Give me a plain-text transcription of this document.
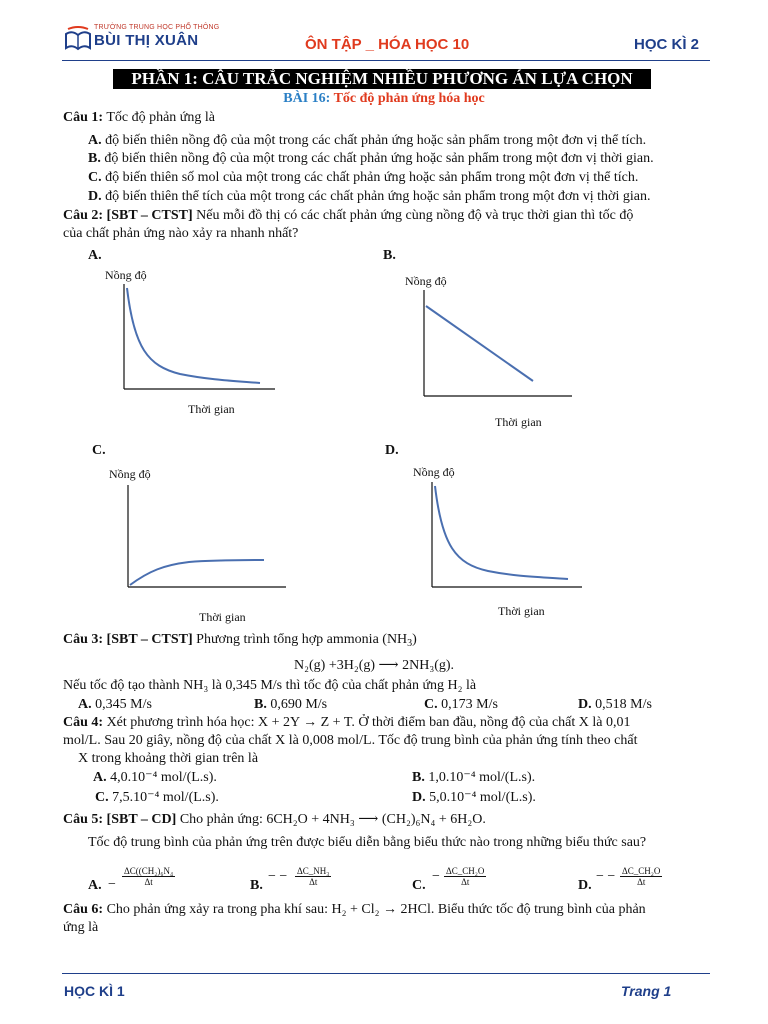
TRƯỜNG TRUNG HỌC PHỔ THÔNG
BÙI THỊ XUÂN	ÔN TẬP _ HÓA HỌC 10	HỌC KÌ 2
PHẦN 1: CÂU TRẮC NGHIỆM NHIỀU PHƯƠNG ÁN LỰA CHỌN
BÀI 16: Tốc độ phản ứng hóa học
Câu 1: Tốc độ phản ứng là
A. độ biến thiên nồng độ của một trong các chất phản ứng hoặc sản phẩm trong một đơn vị thể tích.
B. độ biến thiên nồng độ của một trong các chất phản ứng hoặc sản phẩm trong một đơn vị thời gian.
C. độ biến thiên số mol của một trong các chất phản ứng hoặc sản phẩm trong một đơn vị thể tích.
D. độ biến thiên thể tích của một trong các chất phản ứng hoặc sản phẩm trong một đơn vị thời gian.
Câu 2: [SBT – CTST] Nếu mỗi đồ thị có các chất phản ứng cùng nồng độ và trục thời gian thì tốc độ
của chất phản ứng nào xảy ra nhanh nhất?
A.
Nồng độ
Thời gian
B.
Nồng độ
Thời gian
C.
Nồng độ
Thời gian
D.
Nồng độ
Thời gian
Câu 3: [SBT – CTST] Phương trình tổng hợp ammonia $(NH_3)$
N₂(g) +3H₂(g) ⟶ 2NH₃(g).
Nếu tốc độ tạo thành NH₃ là 0,345 M/s thì tốc độ của chất phản ứng H₂ là
A. 0,345 M/s	B. 0,690 M/s	C. 0,173 M/s	D. 0,518 M/s
Câu 4: Xét phương trình hóa học: X + 2Y → Z + T. Ở thời điểm ban đầu, nồng độ của chất X là 0,01
mol/L. Sau 20 giây, nồng độ của chất X là 0,008 mol/L. Tốc độ trung bình của phản ứng tính theo chất
X trong khoảng thời gian trên là
A. 4,0.10⁻⁴ mol/(L.s).	B. 1,0.10⁻⁴ mol/(L.s).
C. 7,5.10⁻⁴ mol/(L.s).	D. 5,0.10⁻⁴ mol/(L.s).
Câu 5: [SBT – CD] Cho phản ứng: 6CH₂O + 4NH₃ ⟶ (CH₂)₆N₄ + 6H₂O.
Tốc độ trung bình của phản ứng trên được biểu diễn bằng biểu thức nào trong những biểu thức sau?
A. − $\frac{\text{ΔC((CH₂)₆N₄}}{\Delta t}$	B.
− − $\frac{\text{ΔC\_NH₃}}{\Delta t}$	C.
− $\frac{\text{ΔC\_CH₂O}}{\Delta t}$	D.
− − $\frac{\text{ΔC\_CH₂O}}{\Delta t}$
Câu 6: Cho phản ứng xảy ra trong pha khí sau: H₂ + Cl₂ → 2HCl. Biểu thức tốc độ trung bình của phản
ứng là
HỌC KÌ 1	Trang 1
